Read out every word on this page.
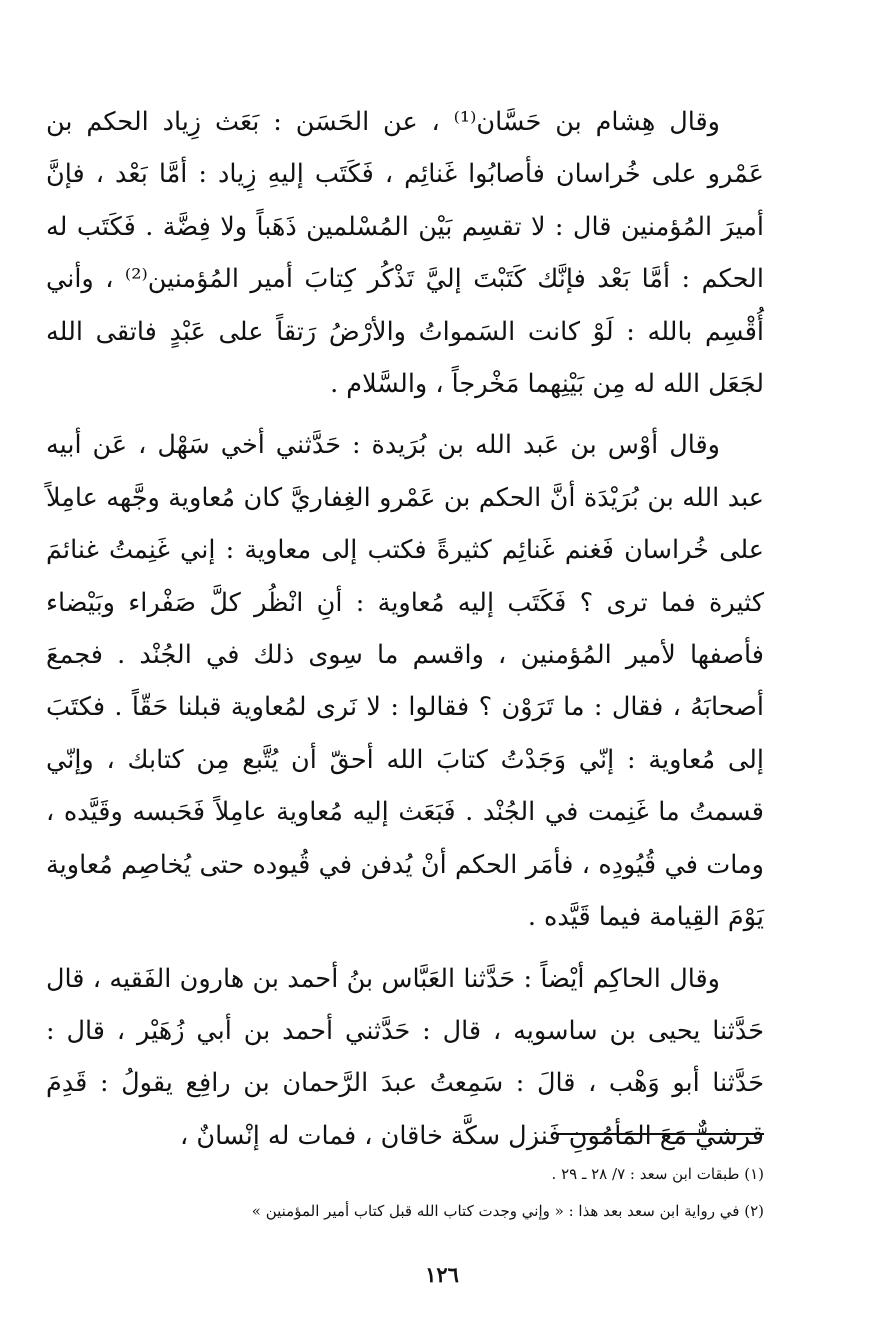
وقال هِشام بن حَسَّان⁽¹⁾ ، عن الحَسَن : بَعَث زِياد الحكم بن عَمْرو على خُراسان فأصابُوا غَنائِم ، فَكَتَب إليهِ زِياد : أمَّا بَعْد ، فإنَّ أميرَ المُؤمنين قال : لا تقسِم بَيْن المُسْلمين ذَهَباً ولا فِضَّة . فَكَتَب له الحكم : أمَّا بَعْد فإنَّك كَتَبْتَ إليَّ تَذْكُر كِتابَ أمير المُؤمنين⁽²⁾ ، وأني أُقْسِم بالله : لَوْ كانت السَمواتُ والأرْضُ رَتقاً على عَبْدٍ فاتقى الله لجَعَل الله له مِن بَيْنِهما مَخْرجاً ، والسَّلام .

وقال أوْس بن عَبد الله بن بُرَيدة : حَدَّثني أخي سَهْل ، عَن أبيه عبد الله بن بُرَيْدَة أنَّ الحكم بن عَمْرو الغِفاريَّ كان مُعاوية وجَّهه عامِلاً على خُراسان فَغنم غَنائِم كثيرةً فكتب إلى معاوية : إني غَنِمتُ غنائمَ كثيرة فما ترى ؟ فَكَتَب إليه مُعاوية : أنِ انْظُر كلَّ صَفْراء وبَيْضاء فأصفها لأمير المُؤمنين ، واقسم ما سِوى ذلك في الجُنْد . فجمعَ أصحابَهُ ، فقال : ما تَرَوْن ؟ فقالوا : لا نَرى لمُعاوية قبلنا حَقّاً . فكتَبَ إلى مُعاوية : إنّي وَجَدْتُ كتابَ الله أحقّ أن يُتَّبع مِن كتابك ، وإنّي قسمتُ ما غَنِمت في الجُنْد . فَبَعَث إليه مُعاوية عامِلاً فَحَبسه وقَيَّده ، ومات في قُيُودِه ، فأمَر الحكم أنْ يُدفن في قُيوده حتى يُخاصِم مُعاوية يَوْمَ القِيامة فيما قَيَّده .

وقال الحاكِم أيْضاً : حَدَّثنا العَبَّاس بنُ أحمد بن هارون الفَقيه ، قال حَدَّثنا يحيى بن ساسويه ، قال : حَدَّثني أحمد بن أبي زُهَيْر ، قال : حَدَّثنا أبو وَهْب ، قالَ : سَمِعتُ عبدَ الرَّحمان بن رافِع يقولُ : قَدِمَ قرشيٌّ مَعَ المَأمُونِ فَنزل سكَّة خاقان ، فمات له إنْسانٌ ،

(١) طبقات ابن سعد : ٧/ ٢٨ ـ ٢٩ .
(٢) في رواية ابن سعد بعد هذا : « وإني وجدت كتاب الله قبل كتاب أمير المؤمنين »
١٢٦
